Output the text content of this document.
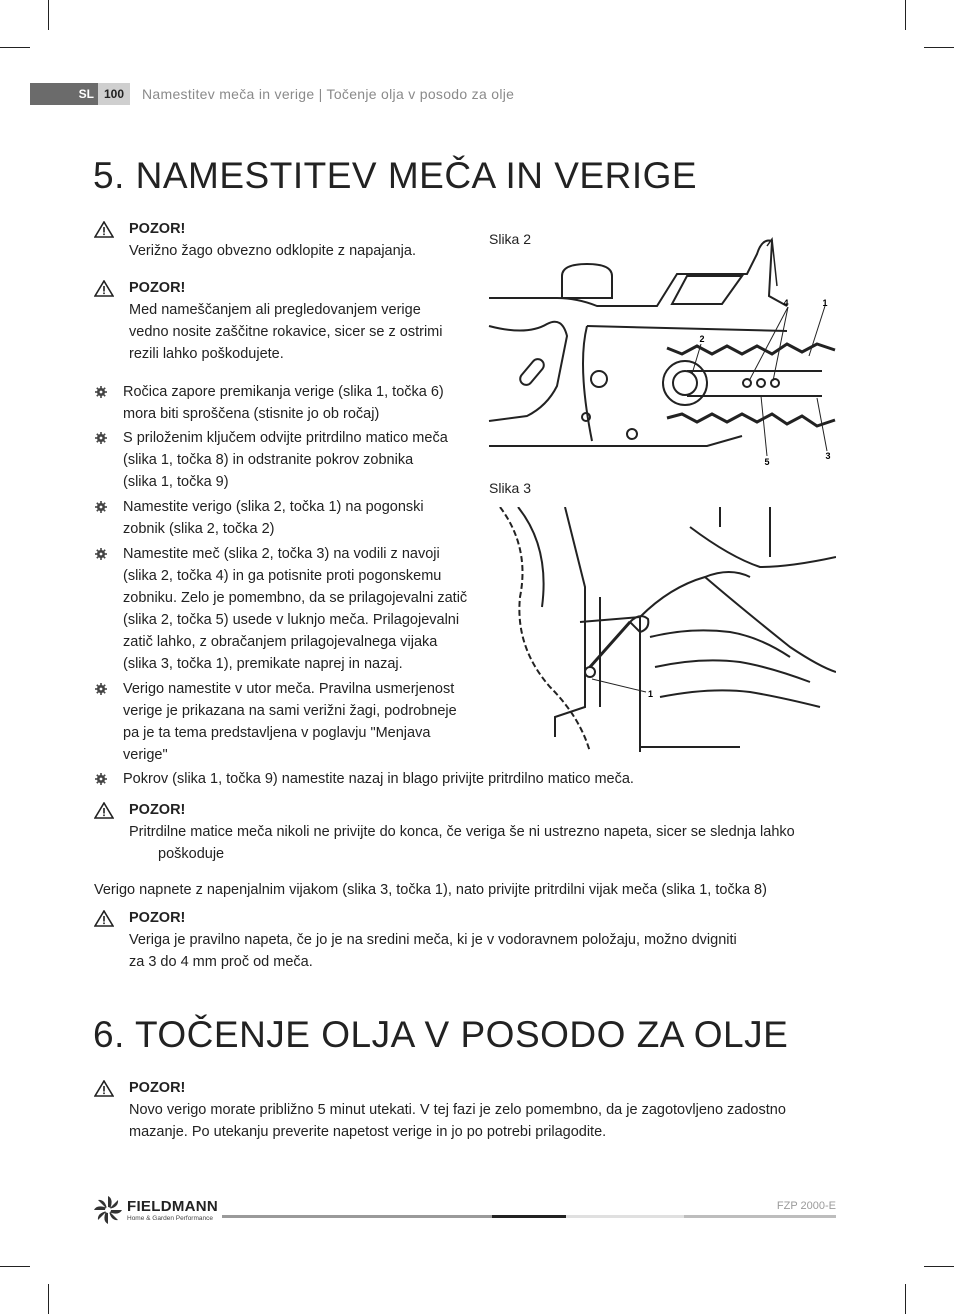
SL 100	Namestitev meča in verige | Točenje olja v posodo za olje
5. NAMESTITEV MEČA IN VERIGE
POZOR!
Verižno žago obvezno odklopite z napajanja.
POZOR!
Med nameščanjem ali pregledovanjem verige
vedno nosite zaščitne rokavice, sicer se z ostrimi
rezili lahko poškodujete.
Ročica zapore premikanja verige (slika 1, točka 6)
mora biti sproščena (stisnite jo ob ročaj)
S priloženim ključem odvijte pritrdilno matico meča
(slika 1, točka 8) in odstranite pokrov zobnika
(slika 1, točka 9)
Namestite verigo (slika 2, točka 1) na pogonski
zobnik (slika 2, točka 2)
Namestite meč (slika 2, točka 3) na vodili z navoji
(slika 2, točka 4) in ga potisnite proti pogonskemu
zobniku. Zelo je pomembno, da se prilagojevalni zatič
(slika 2, točka 5) usede v luknjo meča. Prilagojevalni
zatič lahko, z obračanjem prilagojevalnega vijaka
(slika 3, točka 1), premikate naprej in nazaj.
Verigo namestite v utor meča. Pravilna usmerjenost
verige je prikazana na sami verižni žagi, podrobneje
pa je ta tema predstavljena v poglavju "Menjava
verige"
Pokrov (slika 1, točka 9) namestite nazaj in blago privijte pritrdilno matico meča.
POZOR!
Pritrdilne matice meča nikoli ne privijte do konca, če veriga še ni ustrezno napeta, sicer se slednja lahko
poškoduje
Verigo napnete z napenjalnim vijakom (slika 3, točka 1), nato privijte pritrdilni vijak meča (slika 1, točka 8)
POZOR!
Veriga je pravilno napeta, če jo je na sredini meča, ki je v vodoravnem položaju, možno dvigniti
za 3 do 4 mm proč od meča.
Slika 2
4	1
2
5
3
Slika 3
1
6. TOČENJE OLJA V POSODO ZA OLJE
POZOR!
Novo verigo morate približno 5 minut utekati. V tej fazi je zelo pomembno, da je zagotovljeno zadostno
mazanje. Po utekanju preverite napetost verige in jo po potrebi prilagodite.
FIELDMANN
Home & Garden Performance
FZP 2000-E
